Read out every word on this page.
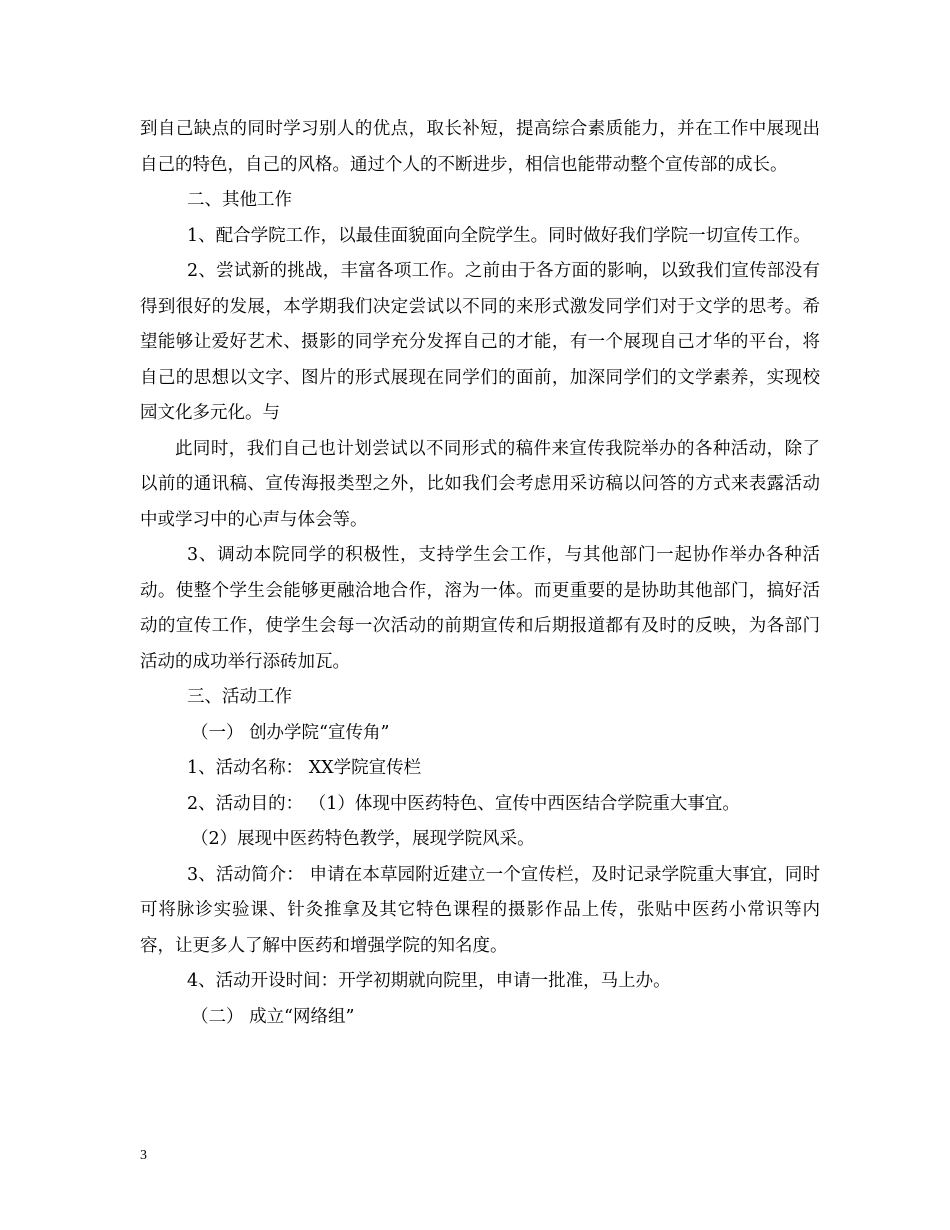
到自己缺点的同时学习别人的优点，取长补短，提高综合素质能力，并在工作中展现出自己的特色，自己的风格。通过个人的不断进步，相信也能带动整个宣传部的成长。

二、其他工作

1、配合学院工作，以最佳面貌面向全院学生。同时做好我们学院一切宣传工作。

2、尝试新的挑战，丰富各项工作。之前由于各方面的影响，以致我们宣传部没有得到很好的发展，本学期我们决定尝试以不同的来形式激发同学们对于文学的思考。希望能够让爱好艺术、摄影的同学充分发挥自己的才能，有一个展现自己才华的平台，将自己的思想以文字、图片的形式展现在同学们的面前，加深同学们的文学素养，实现校园文化多元化。与

此同时，我们自己也计划尝试以不同形式的稿件来宣传我院举办的各种活动，除了以前的通讯稿、宣传海报类型之外，比如我们会考虑用采访稿以问答的方式来表露活动中或学习中的心声与体会等。

3、调动本院同学的积极性，支持学生会工作，与其他部门一起协作举办各种活动。使整个学生会能够更融洽地合作，溶为一体。而更重要的是协助其他部门，搞好活动的宣传工作，使学生会每一次活动的前期宣传和后期报道都有及时的反映，为各部门活动的成功举行添砖加瓦。

三、活动工作

（一） 创办学院“宣传角”

1、活动名称： XX学院宣传栏

2、活动目的： （1）体现中医药特色、宣传中西医结合学院重大事宜。

（2）展现中医药特色教学，展现学院风采。

3、活动简介： 申请在本草园附近建立一个宣传栏，及时记录学院重大事宜，同时可将脉诊实验课、针灸推拿及其它特色课程的摄影作品上传，张贴中医药小常识等内容，让更多人了解中医药和增强学院的知名度。

4、活动开设时间：开学初期就向院里，申请一批准，马上办。

（二） 成立“网络组”

3
